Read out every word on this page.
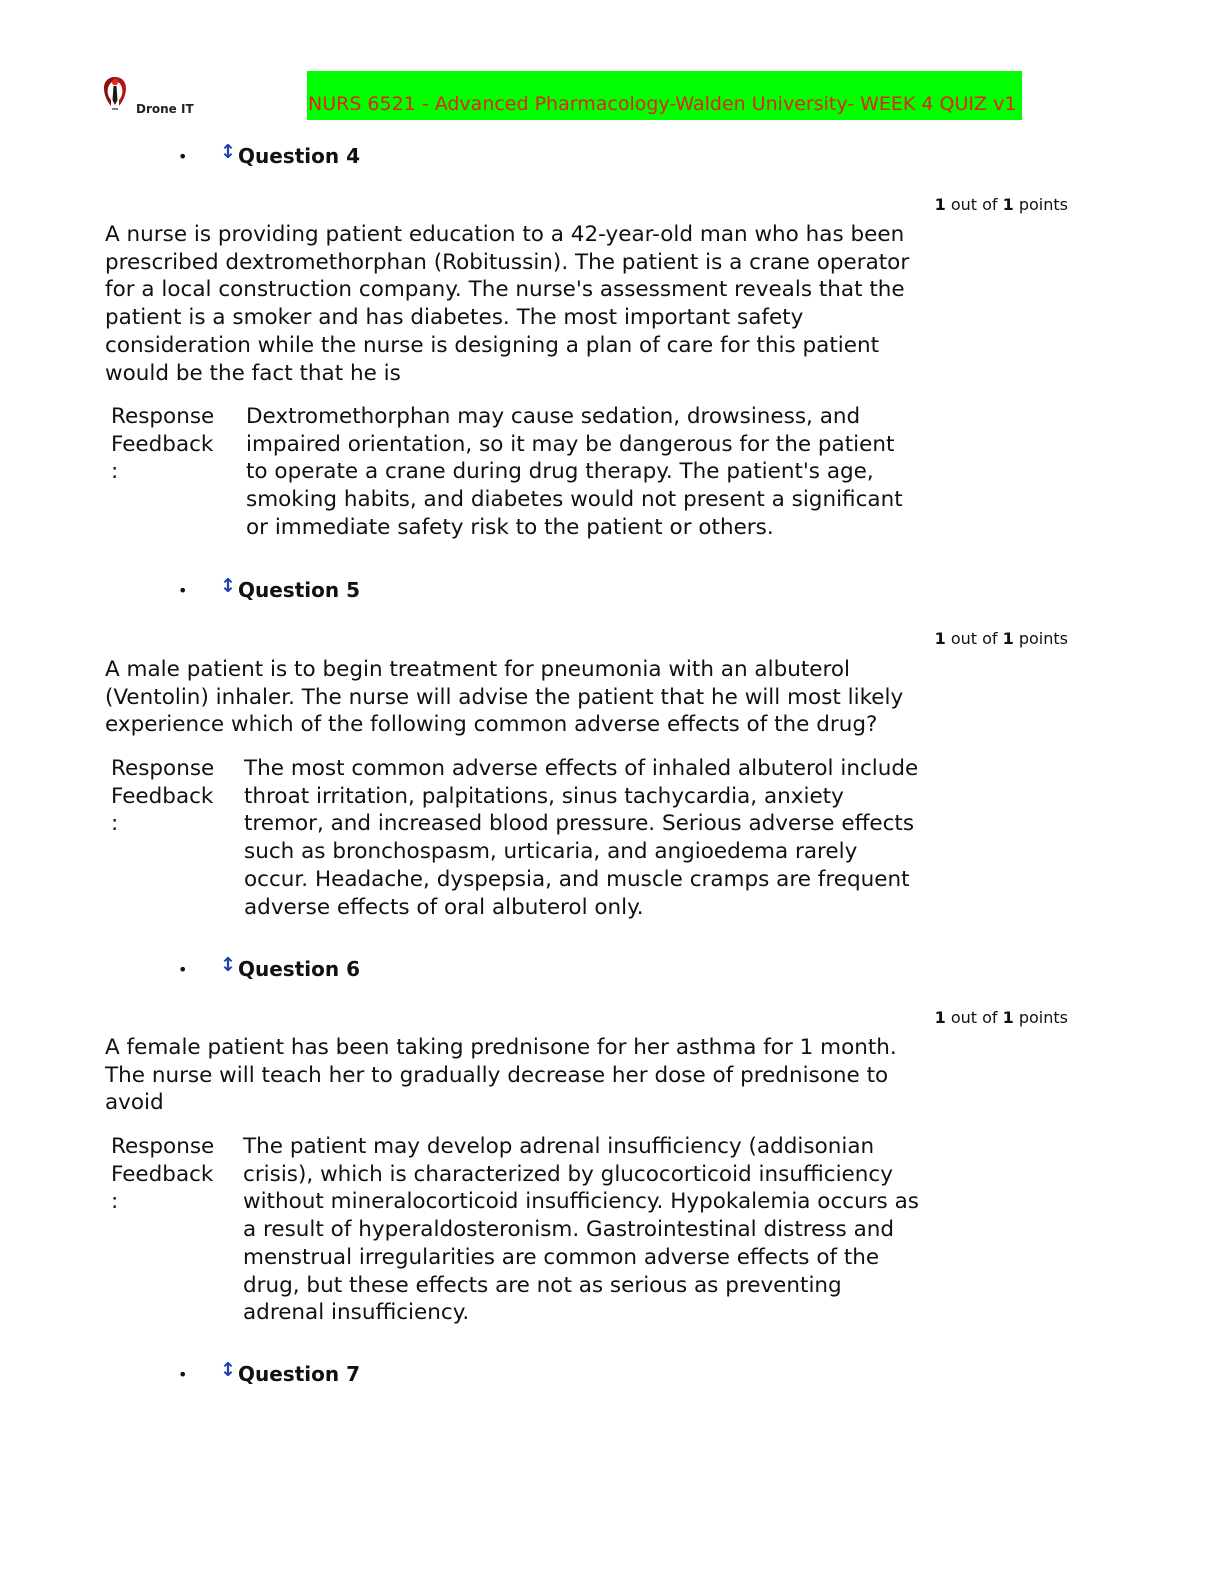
Drone IT	NURS 6521 - Advanced Pharmacology-Walden University- WEEK 4 QUIZ v1
•	↕ Question 4
1 out of 1 points
A nurse is providing patient education to a 42-year-old man who has been
prescribed dextromethorphan (Robitussin). The patient is a crane operator
for a local construction company. The nurse's assessment reveals that the
patient is a smoker and has diabetes. The most important safety
consideration while the nurse is designing a plan of care for this patient
would be the fact that he is
Response
Feedback
:
Dextromethorphan may cause sedation, drowsiness, and
impaired orientation, so it may be dangerous for the patient
to operate a crane during drug therapy. The patient's age,
smoking habits, and diabetes would not present a significant
or immediate safety risk to the patient or others.
•	↕ Question 5
1 out of 1 points
A male patient is to begin treatment for pneumonia with an albuterol
(Ventolin) inhaler. The nurse will advise the patient that he will most likely
experience which of the following common adverse effects of the drug?
Response
Feedback
:
The most common adverse effects of inhaled albuterol include
throat irritation, palpitations, sinus tachycardia, anxiety
tremor, and increased blood pressure. Serious adverse effects
such as bronchospasm, urticaria, and angioedema rarely
occur. Headache, dyspepsia, and muscle cramps are frequent
adverse effects of oral albuterol only.
•	↕ Question 6
1 out of 1 points
A female patient has been taking prednisone for her asthma for 1 month.
The nurse will teach her to gradually decrease her dose of prednisone to
avoid
Response
Feedback
:
The patient may develop adrenal insufficiency (addisonian
crisis), which is characterized by glucocorticoid insufficiency
without mineralocorticoid insufficiency. Hypokalemia occurs as
a result of hyperaldosteronism. Gastrointestinal distress and
menstrual irregularities are common adverse effects of the
drug, but these effects are not as serious as preventing
adrenal insufficiency.
•	↕ Question 7
